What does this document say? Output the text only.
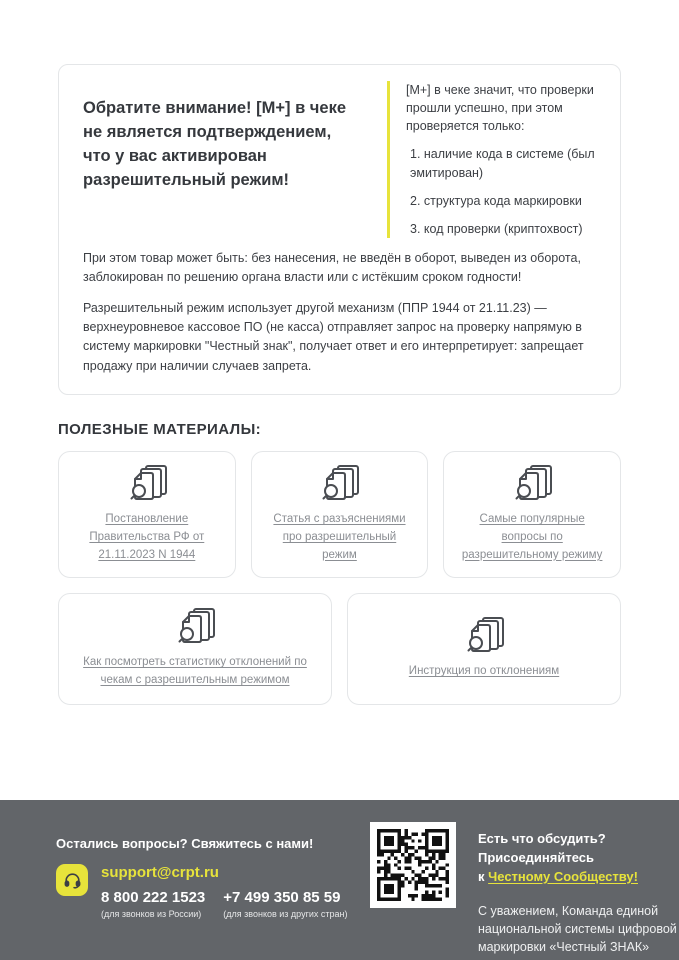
Обратите внимание! [М+] в чеке не является подтверждением, что у вас активирован разрешительный режим!

[М+] в чеке значит, что проверки прошли успешно, при этом проверяется только:

наличие кода в системе (был эмитирован)
структура кода маркировки
код проверки (криптохвост)

При этом товар может быть: без нанесения, не введён в оборот, выведен из оборота, заблокирован по решению органа власти или с истёкшим сроком годности!

Разрешительный режим использует другой механизм (ППР 1944 от 21.11.23) — верхнеуровневое кассовое ПО (не касса) отправляет запрос на проверку напрямую в систему маркировки "Честный знак", получает ответ и его интерпретирует: запрещает продажу при наличии случаев запрета.

ПОЛЕЗНЫЕ МАТЕРИАЛЫ:
Постановление Правительства РФ от 21.11.2023 N 1944
Статья с разъяснениями про разрешительный режим
Самые популярные вопросы по разрешительному режиму
Как посмотреть статистику отклонений по чекам с разрешительным режимом
Инструкция по отклонениям
Остались вопросы? Свяжитесь с нами!
support@crpt.ru
8 800 222 1523
(для звонков из России)
+7 499 350 85 59
(для звонков из других стран)
Есть что обсудить? Присоединяйтесь
к Честному Сообществу!
С уважением, Команда единой национальной системы цифровой маркировки «Честный ЗНАК»
